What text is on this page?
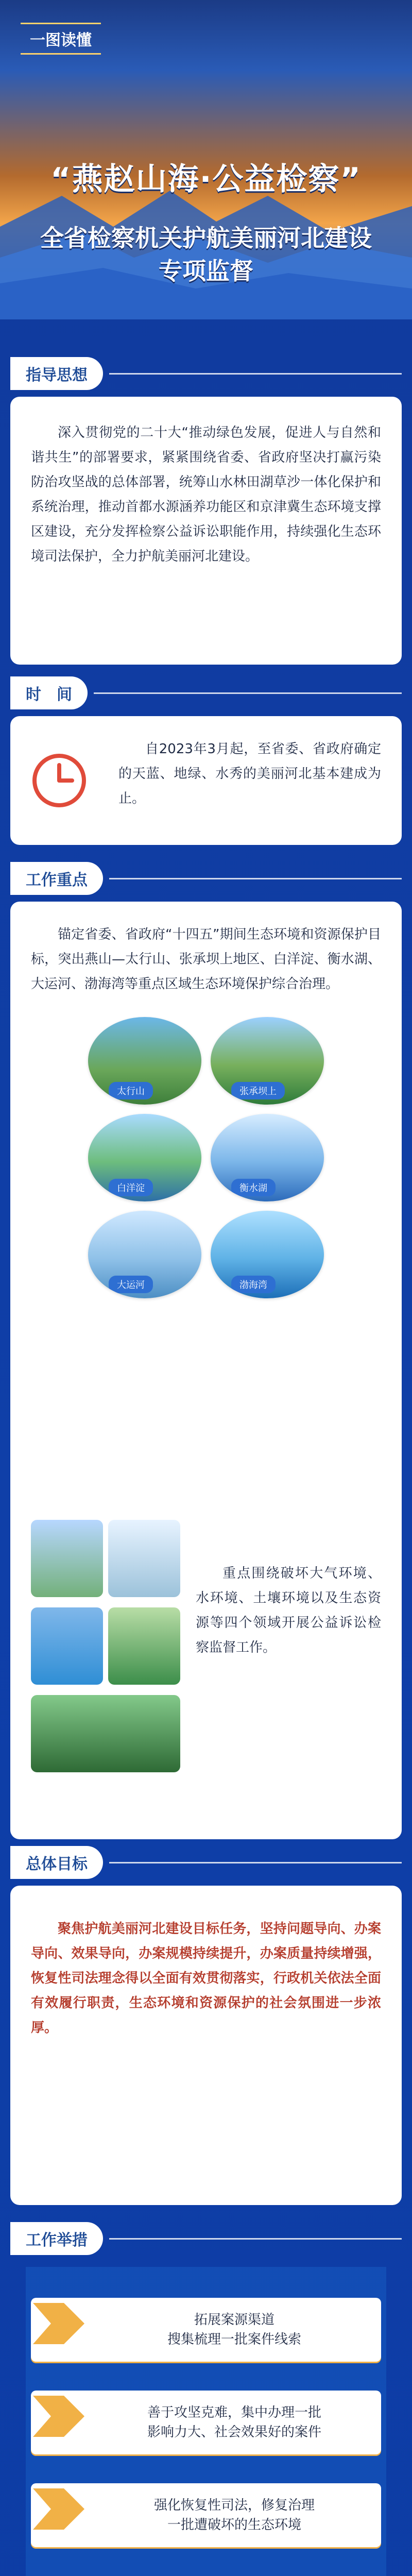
一图读懂
“燕赵山海·公益检察”
全省检察机关护航美丽河北建设
专项监督
指导思想
深入贯彻党的二十大“推动绿色发展，促进人与自然和谐共生”的部署要求，紧紧围绕省委、省政府坚决打赢污染防治攻坚战的总体部署，统筹山水林田湖草沙一体化保护和系统治理，推动首都水源涵养功能区和京津冀生态环境支撑区建设，充分发挥检察公益诉讼职能作用，持续强化生态环境司法保护，全力护航美丽河北建设。
时　间
自2023年3月起，至省委、省政府确定的天蓝、地绿、水秀的美丽河北基本建成为止。
工作重点
锚定省委、省政府“十四五”期间生态环境和资源保护目标，突出燕山—太行山、张承坝上地区、白洋淀、衡水湖、大运河、渤海湾等重点区域生态环境保护综合治理。
太行山	张承坝上
白洋淀	衡水湖
大运河	渤海湾
重点围绕破坏大气环境、水环境、土壤环境以及生态资源等四个领域开展公益诉讼检察监督工作。
总体目标
聚焦护航美丽河北建设目标任务，坚持问题导向、办案导向、效果导向，办案规模持续提升，办案质量持续增强，恢复性司法理念得以全面有效贯彻落实，行政机关依法全面有效履行职责，生态环境和资源保护的社会氛围进一步浓厚。
工作举措
拓展案源渠道
搜集梳理一批案件线索
善于攻坚克难，集中办理一批
影响力大、社会效果好的案件
强化恢复性司法，修复治理
一批遭破坏的生态环境
